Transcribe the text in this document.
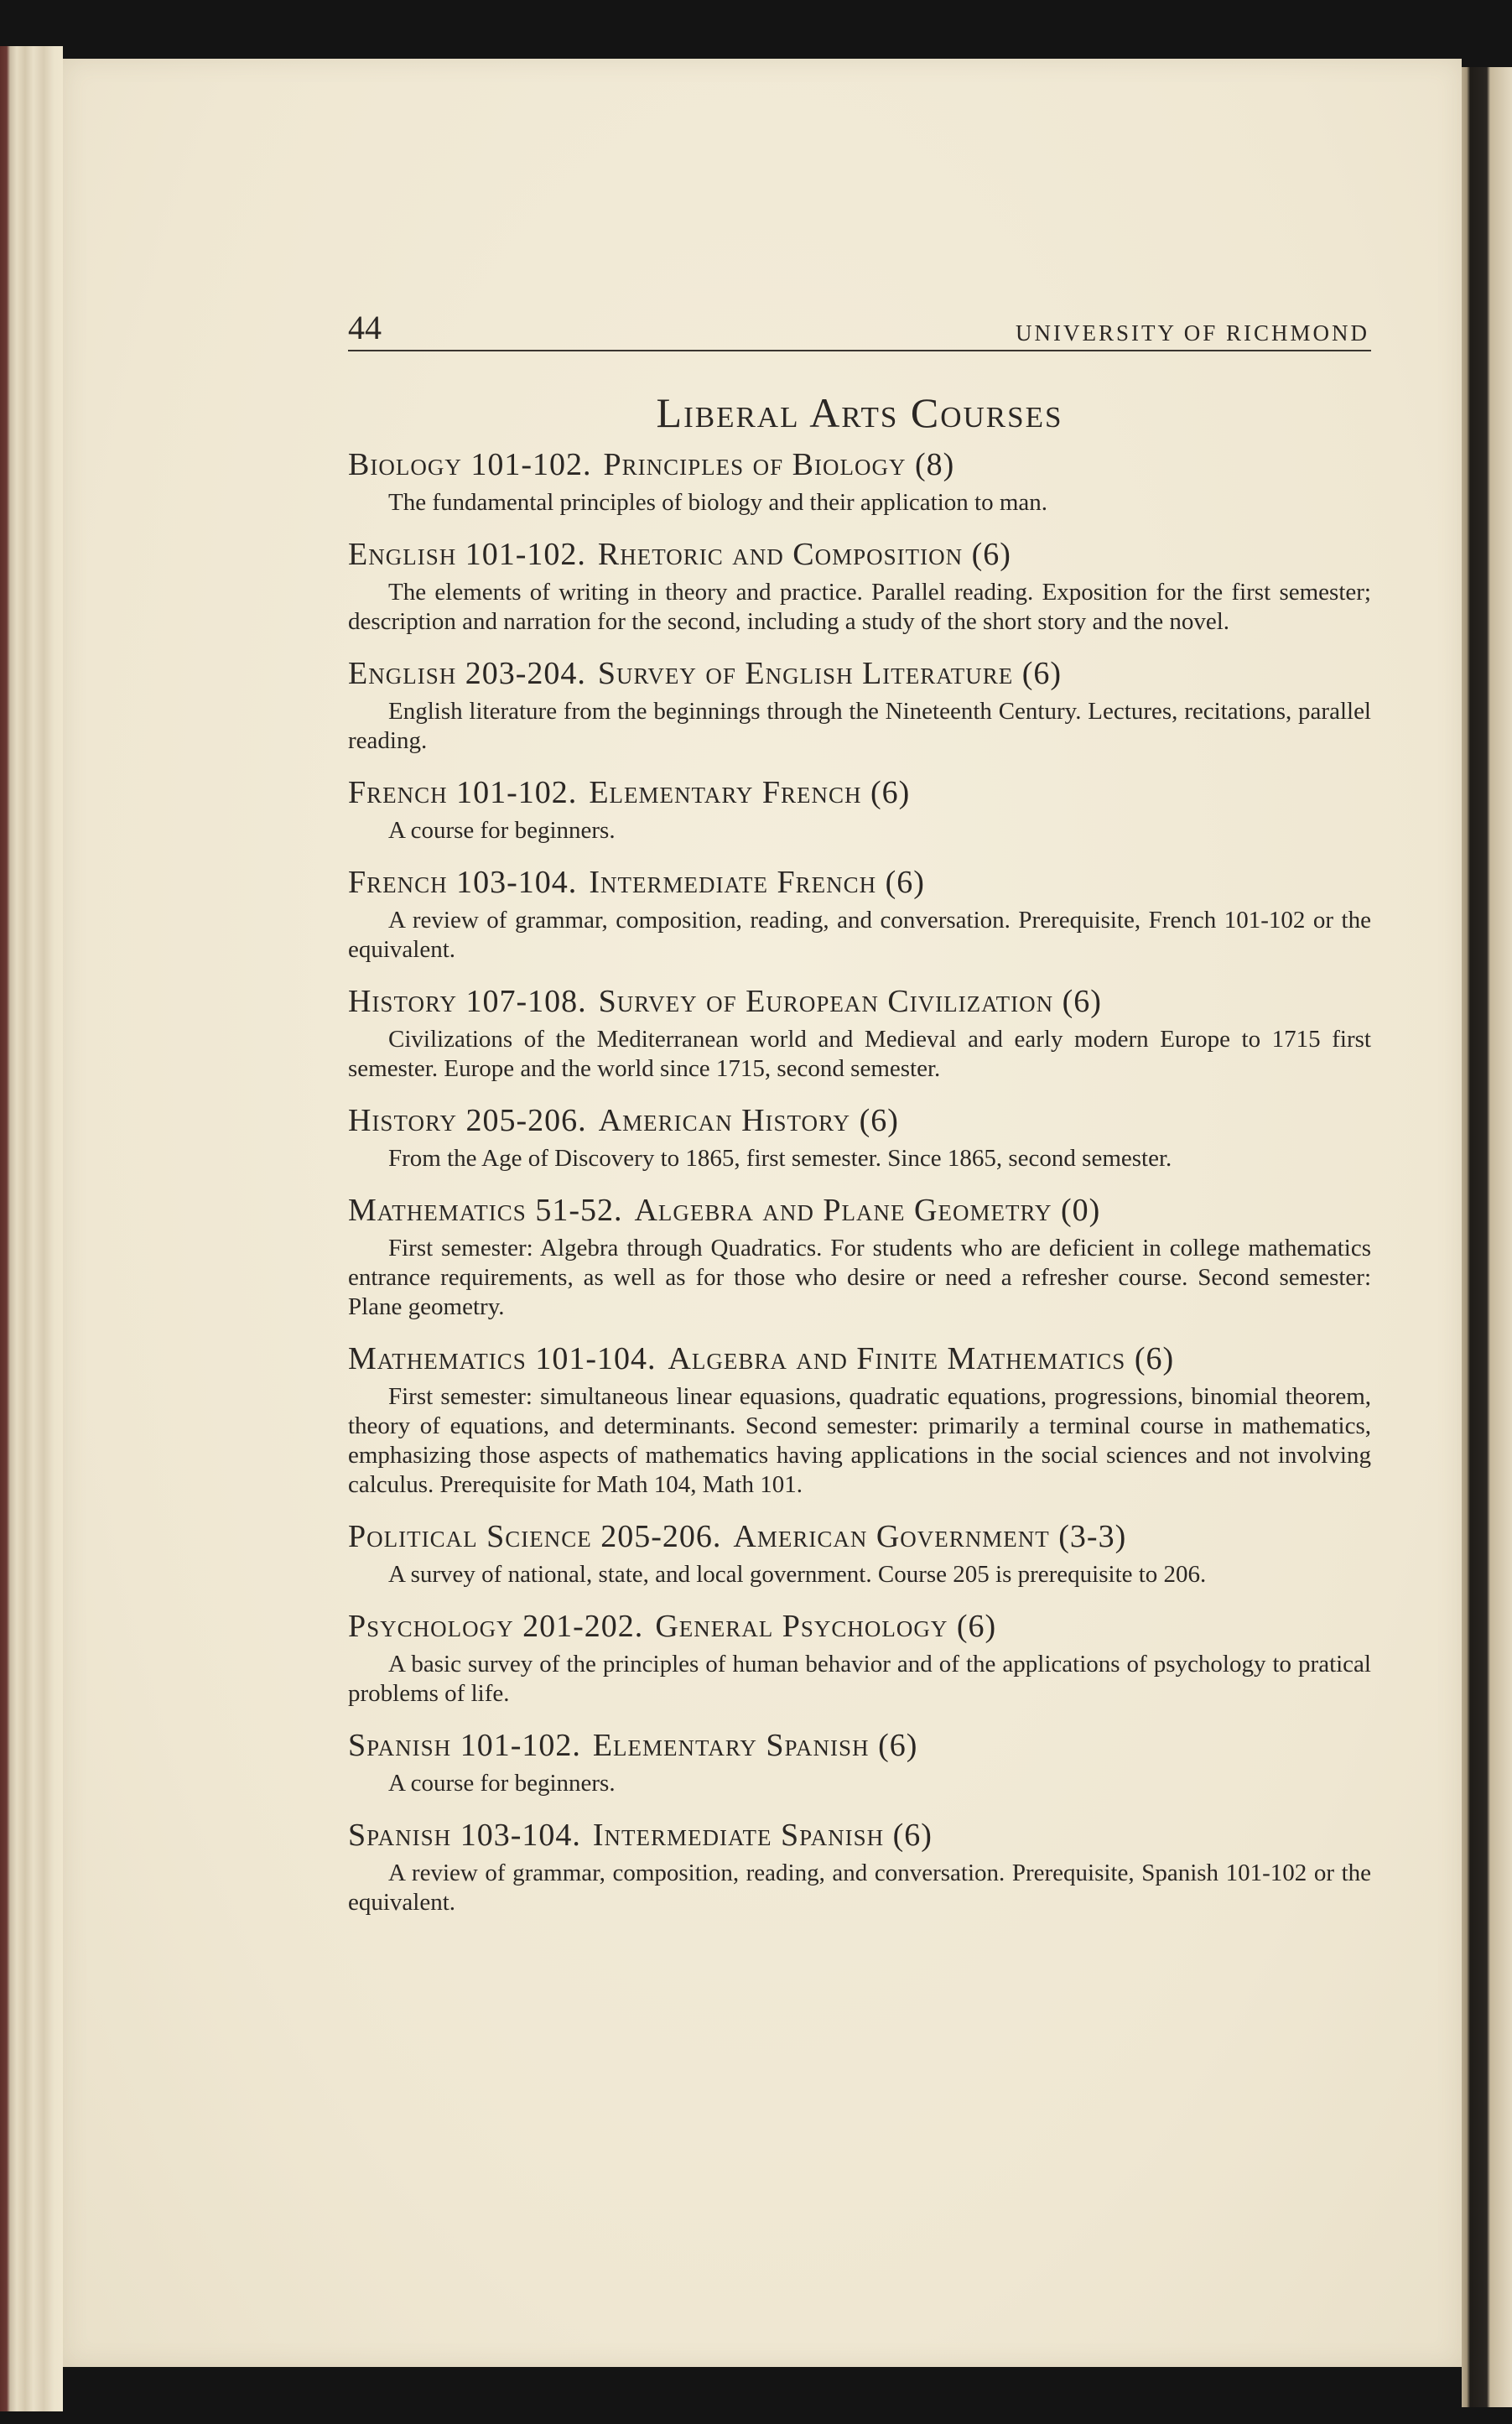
44	UNIVERSITY OF RICHMOND
Liberal Arts Courses

Biology 101-102. Principles of Biology (8)

The fundamental principles of biology and their application to man.

English 101-102. Rhetoric and Composition (6)

The elements of writing in theory and practice. Parallel reading. Exposition for the first semester; description and narration for the second, including a study of the short story and the novel.

English 203-204. Survey of English Literature (6)

English literature from the beginnings through the Nineteenth Century. Lectures, recitations, parallel reading.

French 101-102. Elementary French (6)

A course for beginners.

French 103-104. Intermediate French (6)

A review of grammar, composition, reading, and conversation. Prerequisite, French 101-102 or the equivalent.

History 107-108. Survey of European Civilization (6)

Civilizations of the Mediterranean world and Medieval and early modern Europe to 1715 first semester. Europe and the world since 1715, second semester.

History 205-206. American History (6)

From the Age of Discovery to 1865, first semester. Since 1865, second semester.

Mathematics 51-52. Algebra and Plane Geometry (0)

First semester: Algebra through Quadratics. For students who are deficient in college mathematics entrance requirements, as well as for those who desire or need a refresher course. Second semester: Plane geometry.

Mathematics 101-104. Algebra and Finite Mathematics (6)

First semester: simultaneous linear equasions, quadratic equations, progressions, binomial theorem, theory of equations, and determinants. Second semester: primarily a terminal course in mathematics, emphasizing those aspects of mathematics having applications in the social sciences and not involving calculus. Prerequisite for Math 104, Math 101.

Political Science 205-206. American Government (3-3)

A survey of national, state, and local government. Course 205 is prerequisite to 206.

Psychology 201-202. General Psychology (6)

A basic survey of the principles of human behavior and of the applications of psychology to pratical problems of life.

Spanish 101-102. Elementary Spanish (6)

A course for beginners.

Spanish 103-104. Intermediate Spanish (6)

A review of grammar, composition, reading, and conversation. Prerequisite, Spanish 101-102 or the equivalent.
